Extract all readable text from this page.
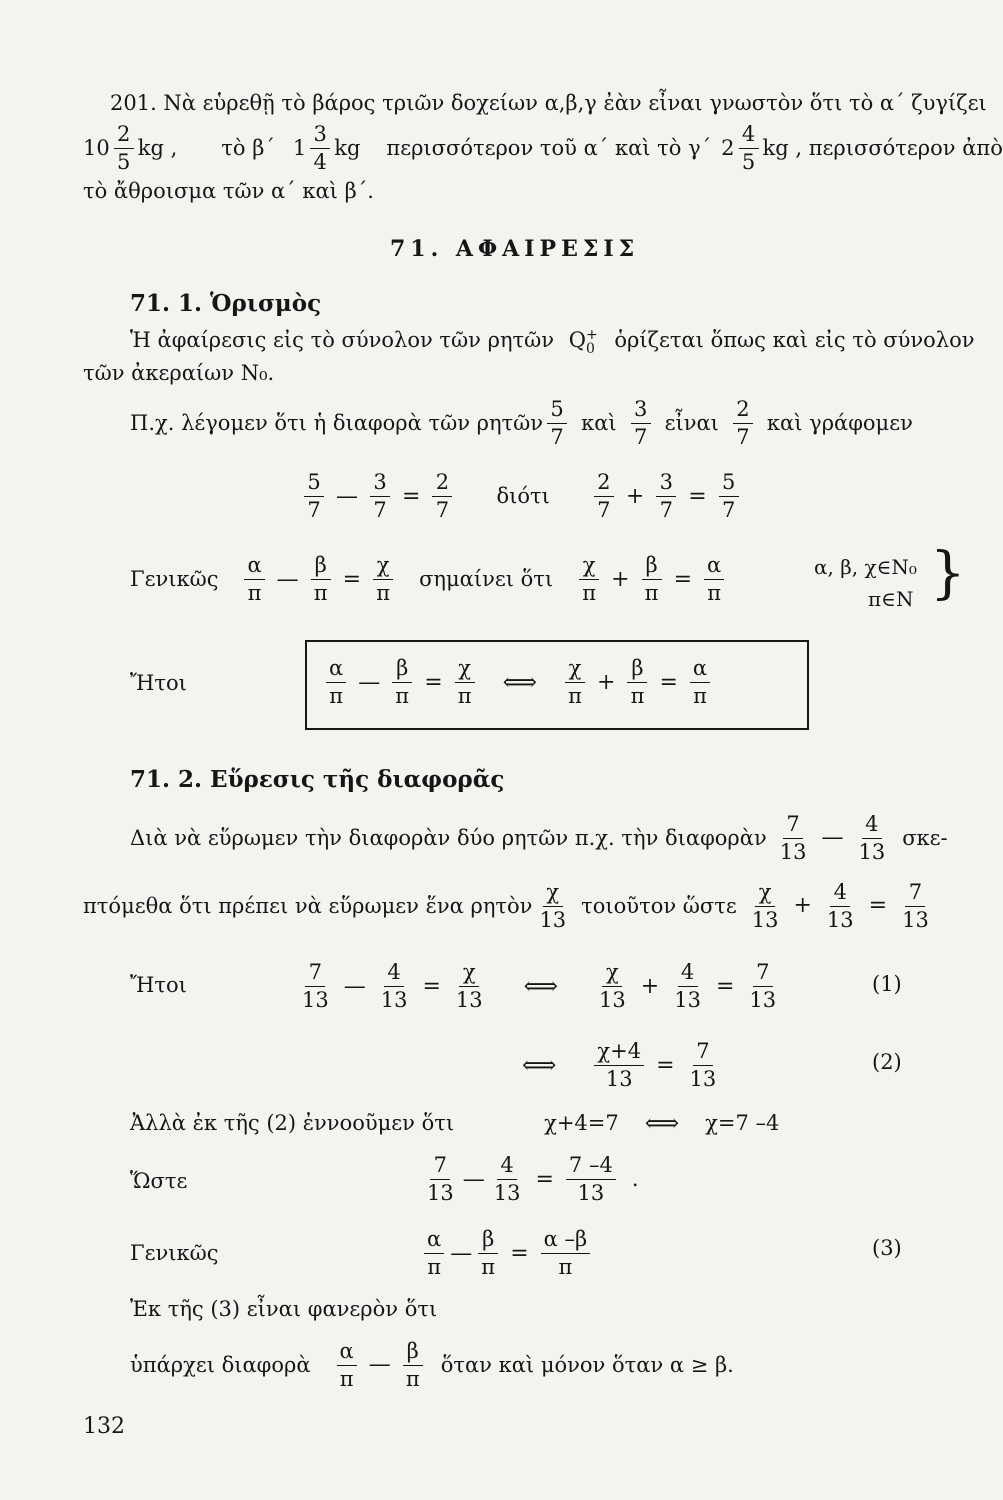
201. Νὰ εὑρεθῇ τὸ βάρος τριῶν δοχείων α,β,γ ἐὰν εἶναι γνωστὸν ὅτι τὸ α΄ ζυγίζει
$10 \frac{2}{5}$ kg , τὸ β΄ $1 \frac{3}{4}$ kg περισσότερον τοῦ α΄ καὶ τὸ γ΄ $2 \frac{4}{5}$ kg , περισσότερον ἀπὸ
τὸ ἄθροισμα τῶν α΄ καὶ β΄.
71. ΑΦΑΙΡΕΣΙΣ
71. 1. Ὁρισμὸς
Ἡ ἀφαίρεσις εἰς τὸ σύνολον τῶν ρητῶν Q +
0 ὁρίζεται ὅπως καὶ εἰς τὸ σύνολον
τῶν ἀκεραίων N₀.
Π.χ. λέγομεν ὅτι ἡ διαφορὰ τῶν ρητῶν $\frac{5}{7}$ καὶ $\frac{3}{7}$ εἶναι $\frac{2}{7}$ καὶ γράφομεν
$\frac{5}{7}$ — $\frac{3}{7} = \frac{2}{7}$ διότι $\frac{2}{7} + \frac{3}{7} = \frac{5}{7}$
Γενικῶς $\frac{\alpha}{\pi}$ — $\frac{\beta}{\pi} = \frac{\chi}{\pi}$ σημαίνει ὅτι $\frac{\chi}{\pi} + \frac{\beta}{\pi} = \frac{\alpha}{\pi}$	α, β, χ∈N₀
π∈N }
Ἤτοι	$\frac{\alpha}{\pi}$ — $\frac{\beta}{\pi} = \frac{\chi}{\pi}$ ⟺ $\frac{\chi}{\pi} + \frac{\beta}{\pi} = \frac{\alpha}{\pi}$
71. 2. Εὕρεσις τῆς διαφορᾶς
Διὰ νὰ εὕρωμεν τὴν διαφορὰν δύο ρητῶν π.χ. τὴν διαφορὰν $\frac{7}{13}$ — $\frac{4}{13} \sigma\kappa\varepsilon-$
πτόμεθα ὅτι πρέπει νὰ εὕρωμεν ἕνα ρητὸν $\frac{\chi}{13}$ τοιοῦτον ὥστε $\frac{\chi}{13} + \frac{4}{13} = \frac{7}{13}$
Ἤτοι	$\frac{7}{13}$ — $\frac{4}{13} = \frac{\chi}{13}$ ⟺ $\frac{\chi}{13} + \frac{4}{13} = \frac{7}{13}$	(1)
⟺ $\frac{\chi+4}{13} = \frac{7}{13}$	(2)
Ἀλλὰ ἐκ τῆς (2) ἐννοοῦμεν ὅτι	χ+4=7 ⟺ χ=7 –4
Ὥστε	$\frac{7}{13}$ — $\frac{4}{13} = \frac{7 -4}{13}$ .
Γενικῶς	$\frac{\alpha}{\pi}$ — $\frac{\beta}{\pi} = \frac{\alpha -\beta}{\pi}$	(3)
Ἐκ τῆς (3) εἶναι φανερὸν ὅτι
ὑπάρχει διαφορὰ $\frac{\alpha}{\pi}$ — $\frac{\beta}{\pi}$ ὅταν καὶ μόνον ὅταν α ≥ β.
132
